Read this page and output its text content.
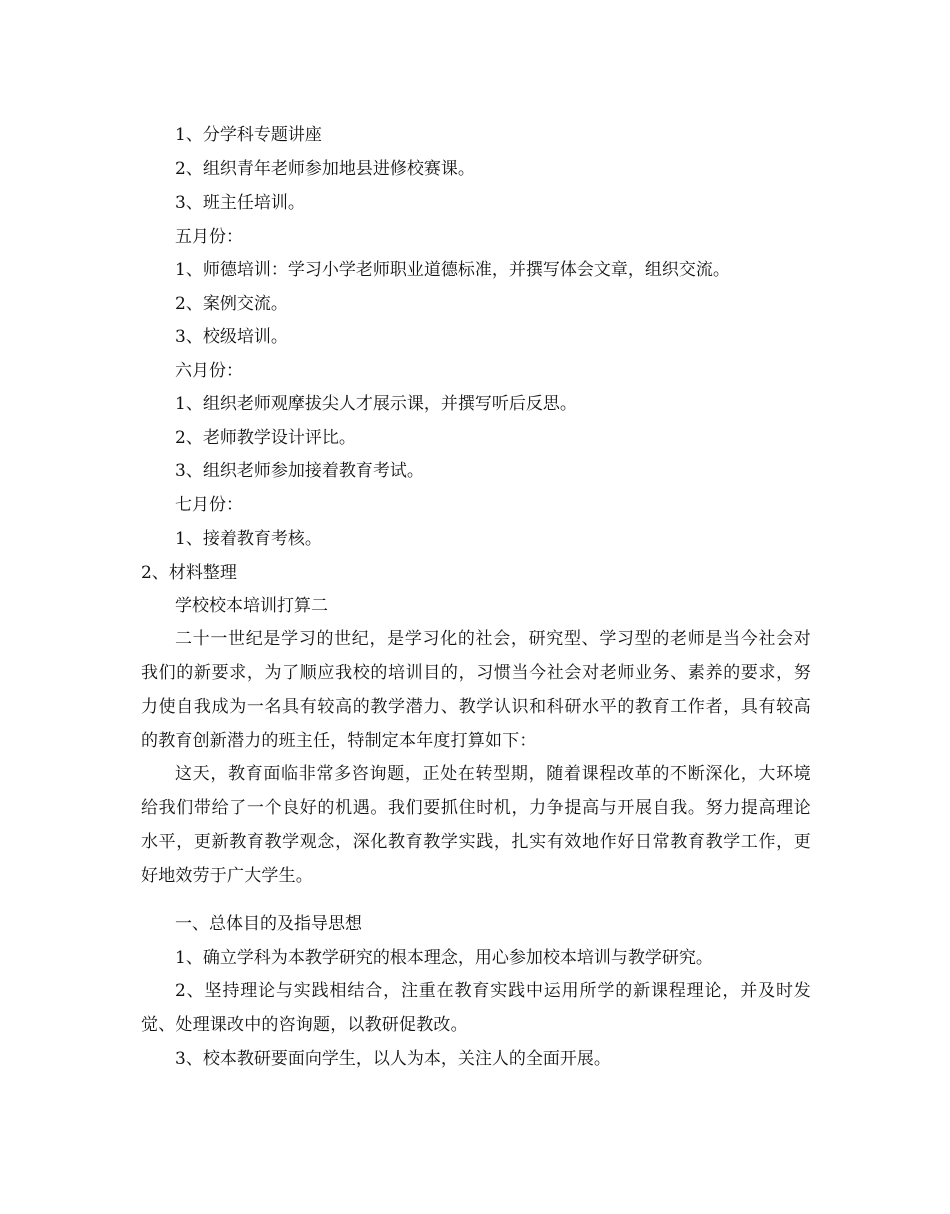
1、分学科专题讲座
2、组织青年老师参加地县进修校赛课。
3、班主任培训。
五月份：
1、师德培训：学习小学老师职业道德标准，并撰写体会文章，组织交流。
2、案例交流。
3、校级培训。
六月份：
1、组织老师观摩拔尖人才展示课，并撰写听后反思。
2、老师教学设计评比。
3、组织老师参加接着教育考试。
七月份：
1、接着教育考核。
2、材料整理
学校校本培训打算二
二十一世纪是学习的世纪，是学习化的社会，研究型、学习型的老师是当今社会对我们的新要求，为了顺应我校的培训目的，习惯当今社会对老师业务、素养的要求，努力使自我成为一名具有较高的教学潜力、教学认识和科研水平的教育工作者，具有较高的教育创新潜力的班主任，特制定本年度打算如下：
这天，教育面临非常多咨询题，正处在转型期，随着课程改革的不断深化，大环境给我们带给了一个良好的机遇。我们要抓住时机，力争提高与开展自我。努力提高理论水平，更新教育教学观念，深化教育教学实践，扎实有效地作好日常教育教学工作，更好地效劳于广大学生。
一、总体目的及指导思想
1、确立学科为本教学研究的根本理念，用心参加校本培训与教学研究。
2、坚持理论与实践相结合，注重在教育实践中运用所学的新课程理论，并及时发觉、处理课改中的咨询题，以教研促教改。
3、校本教研要面向学生，以人为本，关注人的全面开展。
